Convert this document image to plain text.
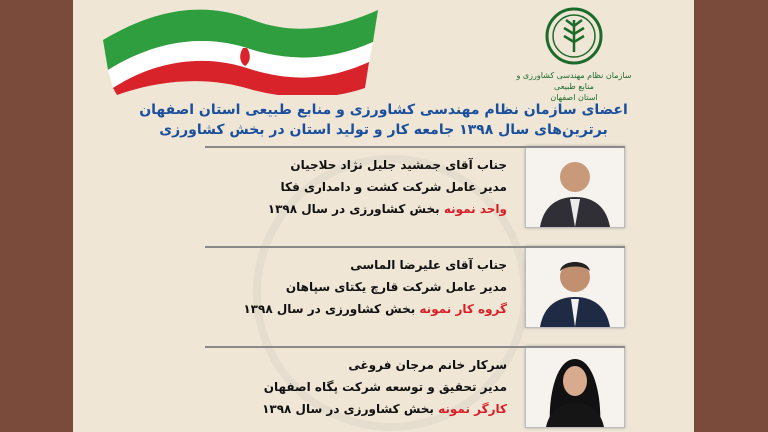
سازمان نظام مهندسی کشاورزی و منابع طبیعی
استان اصفهان
اعضای سازمان نظام مهندسی کشاورزی و منابع طبیعی استان اصفهان
برترین‌های سال ۱۳۹۸ جامعه کار و تولید استان در بخش کشاورزی
جناب آقای جمشید جلیل نژاد حلاجیان
مدیر عامل شرکت کشت و دامداری فکا
واحد نمونه بخش کشاورزی در سال ۱۳۹۸
جناب آقای علیرضا الماسی
مدیر عامل شرکت قارچ یکتای سپاهان
گروه کار نمونه بخش کشاورزی در سال ۱۳۹۸
سرکار خانم مرجان فروغی
مدیر تحقیق و توسعه شرکت پگاه اصفهان
کارگر نمونه بخش کشاورزی در سال ۱۳۹۸
